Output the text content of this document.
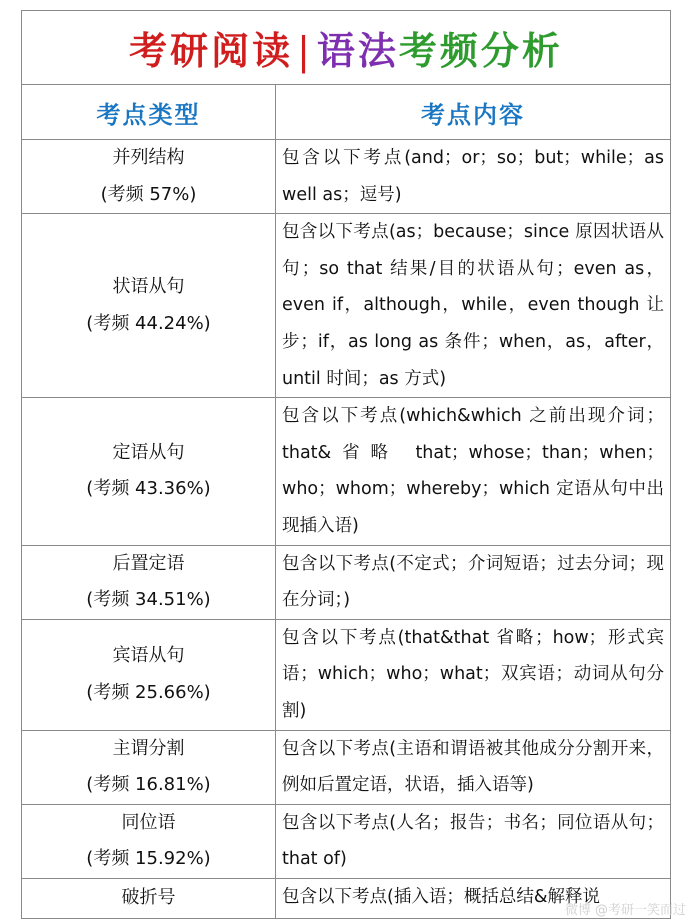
考研阅读 | 语法考频分析	
考点类型	考点内容

并列结构
(考频 57%)	包含以下考点(and；or；so；but；while；as well as；逗号)

状语从句
(考频 44.24%)	包含以下考点(as；because；since 原因状语从句；so that 结果/目的状语从句；even as，even if，although，while，even though 让步；if，as long as 条件；when，as，after，until 时间；as 方式)

定语从句
(考频 43.36%)	包含以下考点(which&which 之前出现介词；that&省略 that；whose；than；when；who；whom；whereby；which 定语从句中出现插入语)

后置定语
(考频 34.51%)	包含以下考点(不定式；介词短语；过去分词；现在分词；)

宾语从句
(考频 25.66%)	包含以下考点(that&that 省略；how；形式宾语；which；who；what；双宾语；动词从句分割)

主谓分割
(考频 16.81%)	包含以下考点(主语和谓语被其他成分分割开来，例如后置定语，状语，插入语等)

同位语
(考频 15.92%)	包含以下考点(人名；报告；书名；同位语从句；that of)

破折号	包含以下考点(插入语；概括总结&解释说
微博 @考研一笑而过
